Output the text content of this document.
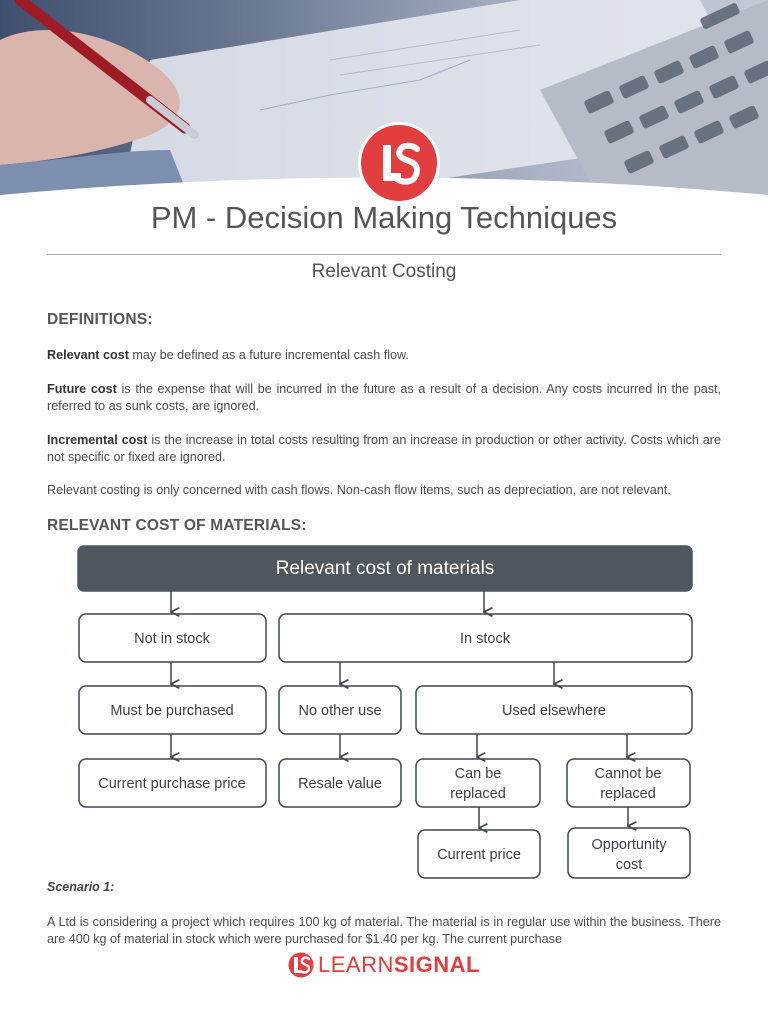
PM - Decision Making Techniques
Relevant Costing
DEFINITIONS:
Relevant cost may be defined as a future incremental cash flow.
Future cost is the expense that will be incurred in the future as a result of a decision. Any costs incurred in the past, referred to as sunk costs, are ignored.
Incremental cost is the increase in total costs resulting from an increase in production or other activity. Costs which are not specific or fixed are ignored.
Relevant costing is only concerned with cash flows. Non-cash flow items, such as depreciation, are not relevant.
RELEVANT COST OF MATERIALS:
Relevant cost of materials
Not in stock	In stock
Must be purchased	No other use	Used elsewhere
Current purchase price	Resale value
Can be
replaced
Cannot be
replaced
Current price
Opportunity
cost
Scenario 1:
A Ltd is considering a project which requires 100 kg of material. The material is in regular use within the business. There are 400 kg of material in stock which were purchased for $1.40 per kg. The current purchase
LEARNSIGNAL
